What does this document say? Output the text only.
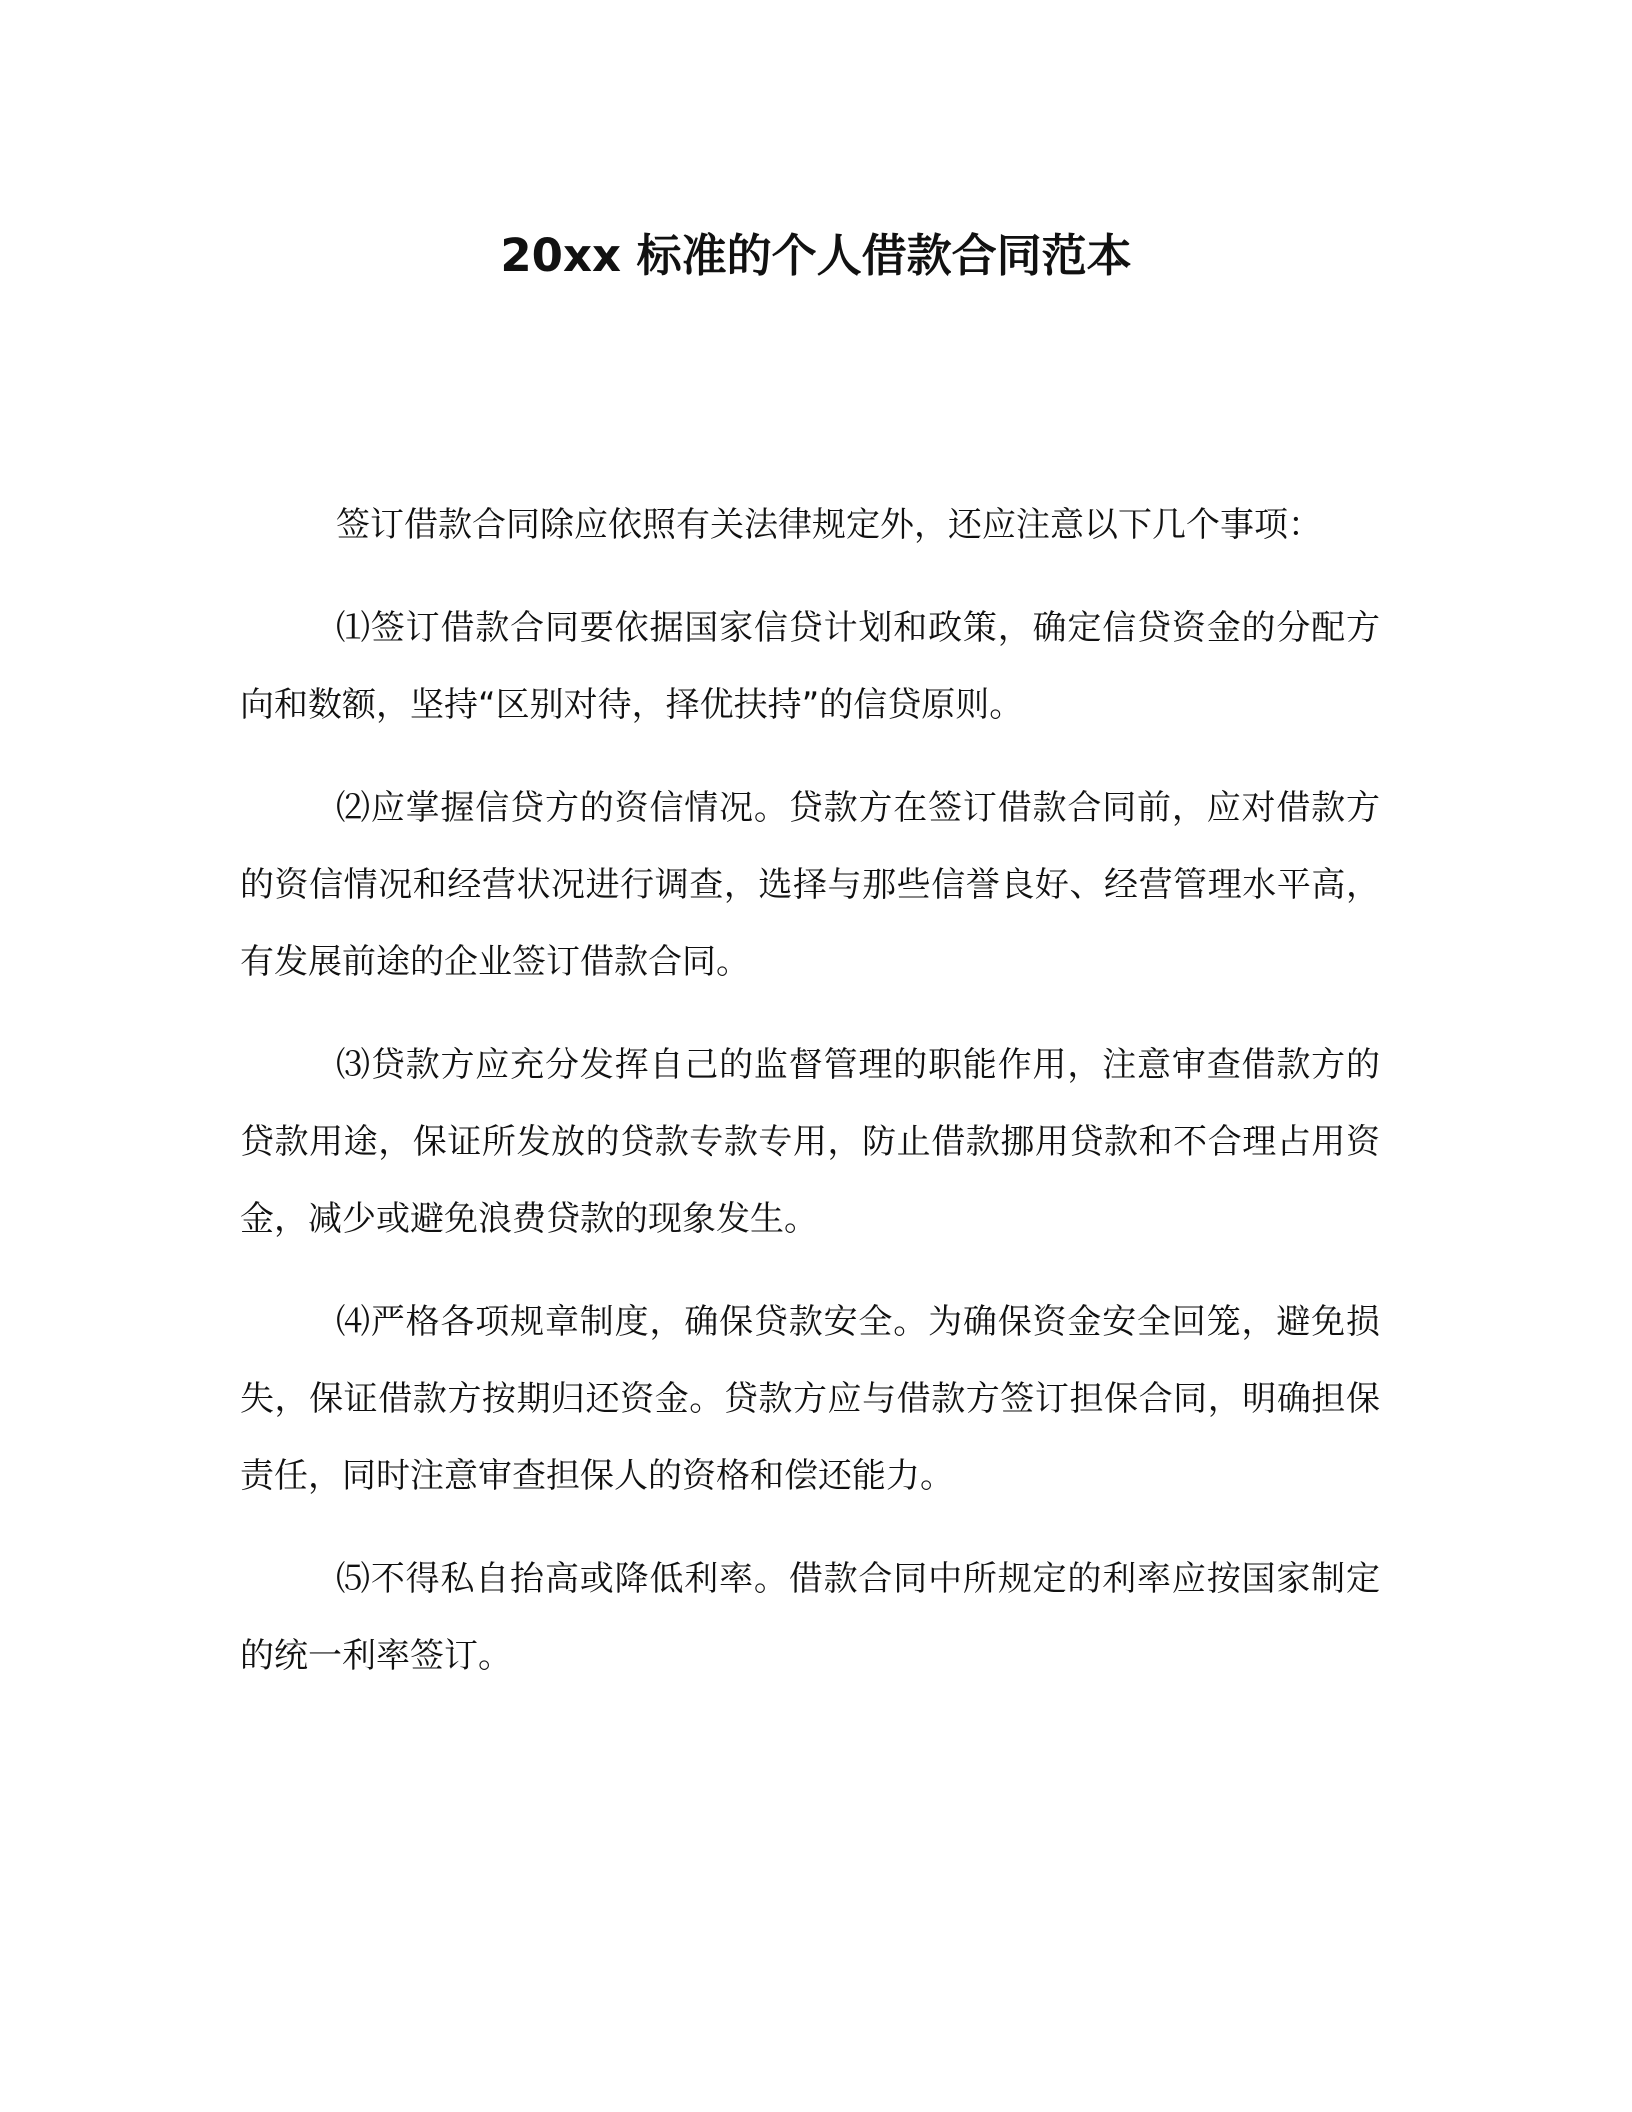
20xx 标准的个人借款合同范本

签订借款合同除应依照有关法律规定外，还应注意以下几个事项：

⑴签订借款合同要依据国家信贷计划和政策，确定信贷资金的分配方向和数额，坚持“区别对待，择优扶持”的信贷原则。

⑵应掌握信贷方的资信情况。贷款方在签订借款合同前，应对借款方的资信情况和经营状况进行调查，选择与那些信誉良好、经营管理水平高，有发展前途的企业签订借款合同。

⑶贷款方应充分发挥自己的监督管理的职能作用，注意审查借款方的贷款用途，保证所发放的贷款专款专用，防止借款挪用贷款和不合理占用资金，减少或避免浪费贷款的现象发生。

⑷严格各项规章制度，确保贷款安全。为确保资金安全回笼，避免损失，保证借款方按期归还资金。贷款方应与借款方签订担保合同，明确担保责任，同时注意审查担保人的资格和偿还能力。

⑸不得私自抬高或降低利率。借款合同中所规定的利率应按国家制定的统一利率签订。
